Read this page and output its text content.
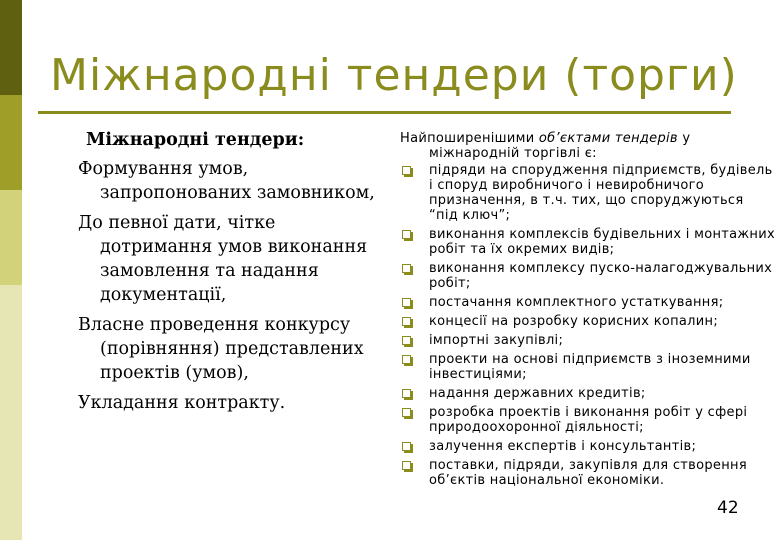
Міжнародні тендери (торги)
Міжнародні тендери:
Формування умов, запропонованих замовником,
До певної дати, чітке дотримання умов виконання замовлення та надання документації,
Власне проведення конкурсу (порівняння) представлених проектів (умов),
Укладання контракту.
Найпоширенішими об’єктами тендерів у міжнародній торгівлі є:
підряди на спорудження підприємств, будівель і споруд виробничого і невиробничого призначення, в т.ч. тих, що споруджуються “під ключ”;
виконання комплексів будівельних і монтажних робіт та їх окремих видів;
виконання комплексу пуско-налагоджувальних робіт;
постачання комплектного устаткування;
концесії на розробку корисних копалин;
імпортні закупівлі;
проекти на основі підприємств з іноземними інвестиціями;
надання державних кредитів;
розробка проектів і виконання робіт у сфері природоохоронної діяльності;
залучення експертів і консультантів;
поставки, підряди, закупівля для створення об’єктів національної економіки.
42
